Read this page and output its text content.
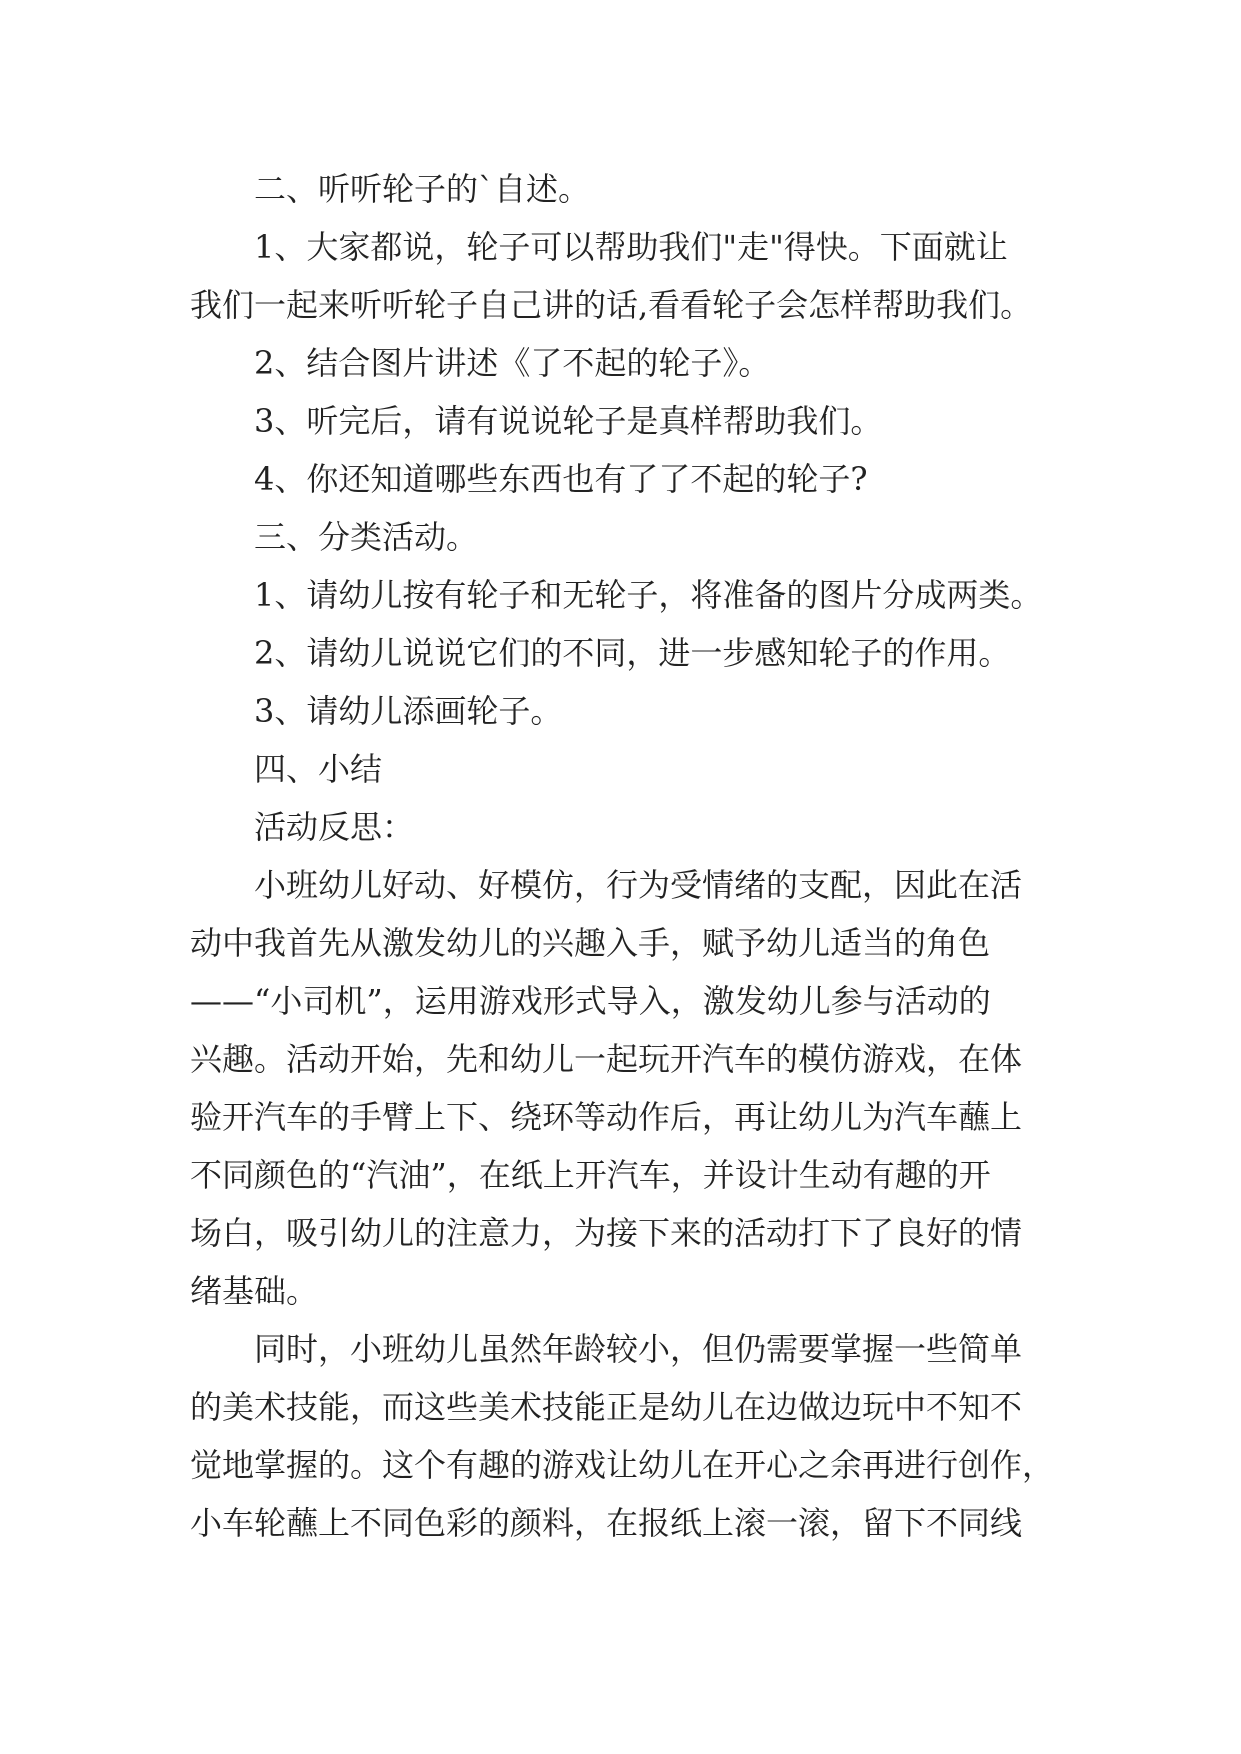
二、听听轮子的`自述。
1、大家都说，轮子可以帮助我们"走"得快。下面就让
我们一起来听听轮子自己讲的话,看看轮子会怎样帮助我们。
2、结合图片讲述《了不起的轮子》。
3、听完后，请有说说轮子是真样帮助我们。
4、你还知道哪些东西也有了了不起的轮子?
三、分类活动。
1、请幼儿按有轮子和无轮子，将准备的图片分成两类。
2、请幼儿说说它们的不同，进一步感知轮子的作用。
3、请幼儿添画轮子。
四、小结
活动反思：
小班幼儿好动、好模仿，行为受情绪的支配，因此在活
动中我首先从激发幼儿的兴趣入手，赋予幼儿适当的角色
——“小司机”，运用游戏形式导入，激发幼儿参与活动的
兴趣。活动开始，先和幼儿一起玩开汽车的模仿游戏，在体
验开汽车的手臂上下、绕环等动作后，再让幼儿为汽车蘸上
不同颜色的“汽油”，在纸上开汽车，并设计生动有趣的开
场白，吸引幼儿的注意力，为接下来的活动打下了良好的情
绪基础。
同时，小班幼儿虽然年龄较小，但仍需要掌握一些简单
的美术技能，而这些美术技能正是幼儿在边做边玩中不知不
觉地掌握的。这个有趣的游戏让幼儿在开心之余再进行创作，
小车轮蘸上不同色彩的颜料，在报纸上滚一滚，留下不同线
